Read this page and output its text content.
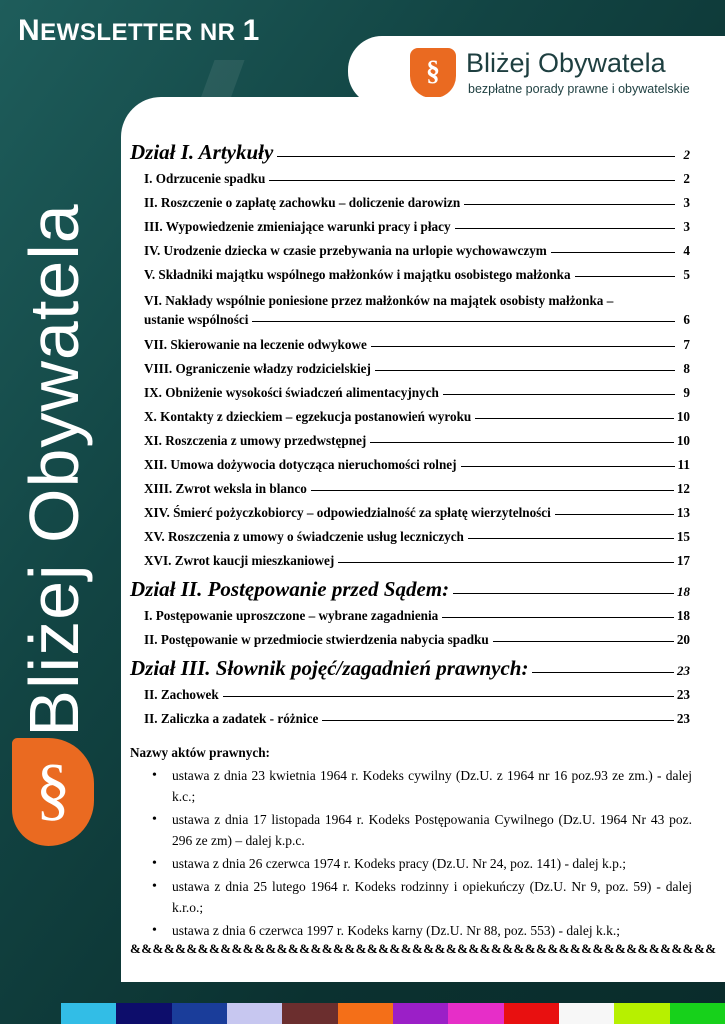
NEWSLETTER NR 1
§ Bliżej Obywatela
bezpłatne porady prawne i obywatelskie
Bliżej Obywatela
§
Dział I. Artykuły	2
I. Odrzucenie spadku	2
II. Roszczenie o zapłatę zachowku – doliczenie darowizn	3
III. Wypowiedzenie zmieniające warunki pracy i płacy	3
IV. Urodzenie dziecka w czasie przebywania na urlopie wychowawczym	4
V. Składniki majątku wspólnego małżonków i majątku osobistego małżonka	5
VI. Nakłady wspólnie poniesione przez małżonków na majątek osobisty małżonka –
ustanie wspólności	6
VII. Skierowanie na leczenie odwykowe	7
VIII. Ograniczenie władzy rodzicielskiej	8
IX. Obniżenie wysokości świadczeń alimentacyjnych	9
X. Kontakty z dzieckiem – egzekucja postanowień wyroku	10
XI. Roszczenia z umowy przedwstępnej	10
XII. Umowa dożywocia dotycząca nieruchomości rolnej	11
XIII. Zwrot weksla in blanco	12
XIV. Śmierć pożyczkobiorcy – odpowiedzialność za spłatę wierzytelności	13
XV. Roszczenia z umowy o świadczenie usług leczniczych	15
XVI. Zwrot kaucji mieszkaniowej	17
Dział II. Postępowanie przed Sądem:	18
I. Postępowanie uproszczone – wybrane zagadnienia	18
II. Postępowanie w przedmiocie stwierdzenia nabycia spadku	20
Dział III. Słownik pojęć/zagadnień prawnych:	23
II. Zachowek	23
II. Zaliczka a zadatek - różnice	23

Nazwy aktów prawnych:

• ustawa z dnia 23 kwietnia 1964 r. Kodeks cywilny (Dz.U. z 1964 nr 16 poz.93 ze zm.) - dalej k.c.;
• ustawa z dnia 17 listopada 1964 r. Kodeks Postępowania Cywilnego (Dz.U. 1964 Nr 43 poz. 296 ze zm) – dalej k.p.c.
• ustawa z dnia 26 czerwca 1974 r. Kodeks pracy (Dz.U. Nr 24, poz. 141) - dalej k.p.;
• ustawa z dnia 25 lutego 1964 r. Kodeks rodzinny i opiekuńczy (Dz.U. Nr 9, poz. 59) - dalej k.r.o.;
• ustawa z dnia 6 czerwca 1997 r. Kodeks karny (Dz.U. Nr 88, poz. 553) - dalej k.k.;
&&&&&&&&&&&&&&&&&&&&&&&&&&&&&&&&&&&&&&&&&&&&&&&&&&&&
